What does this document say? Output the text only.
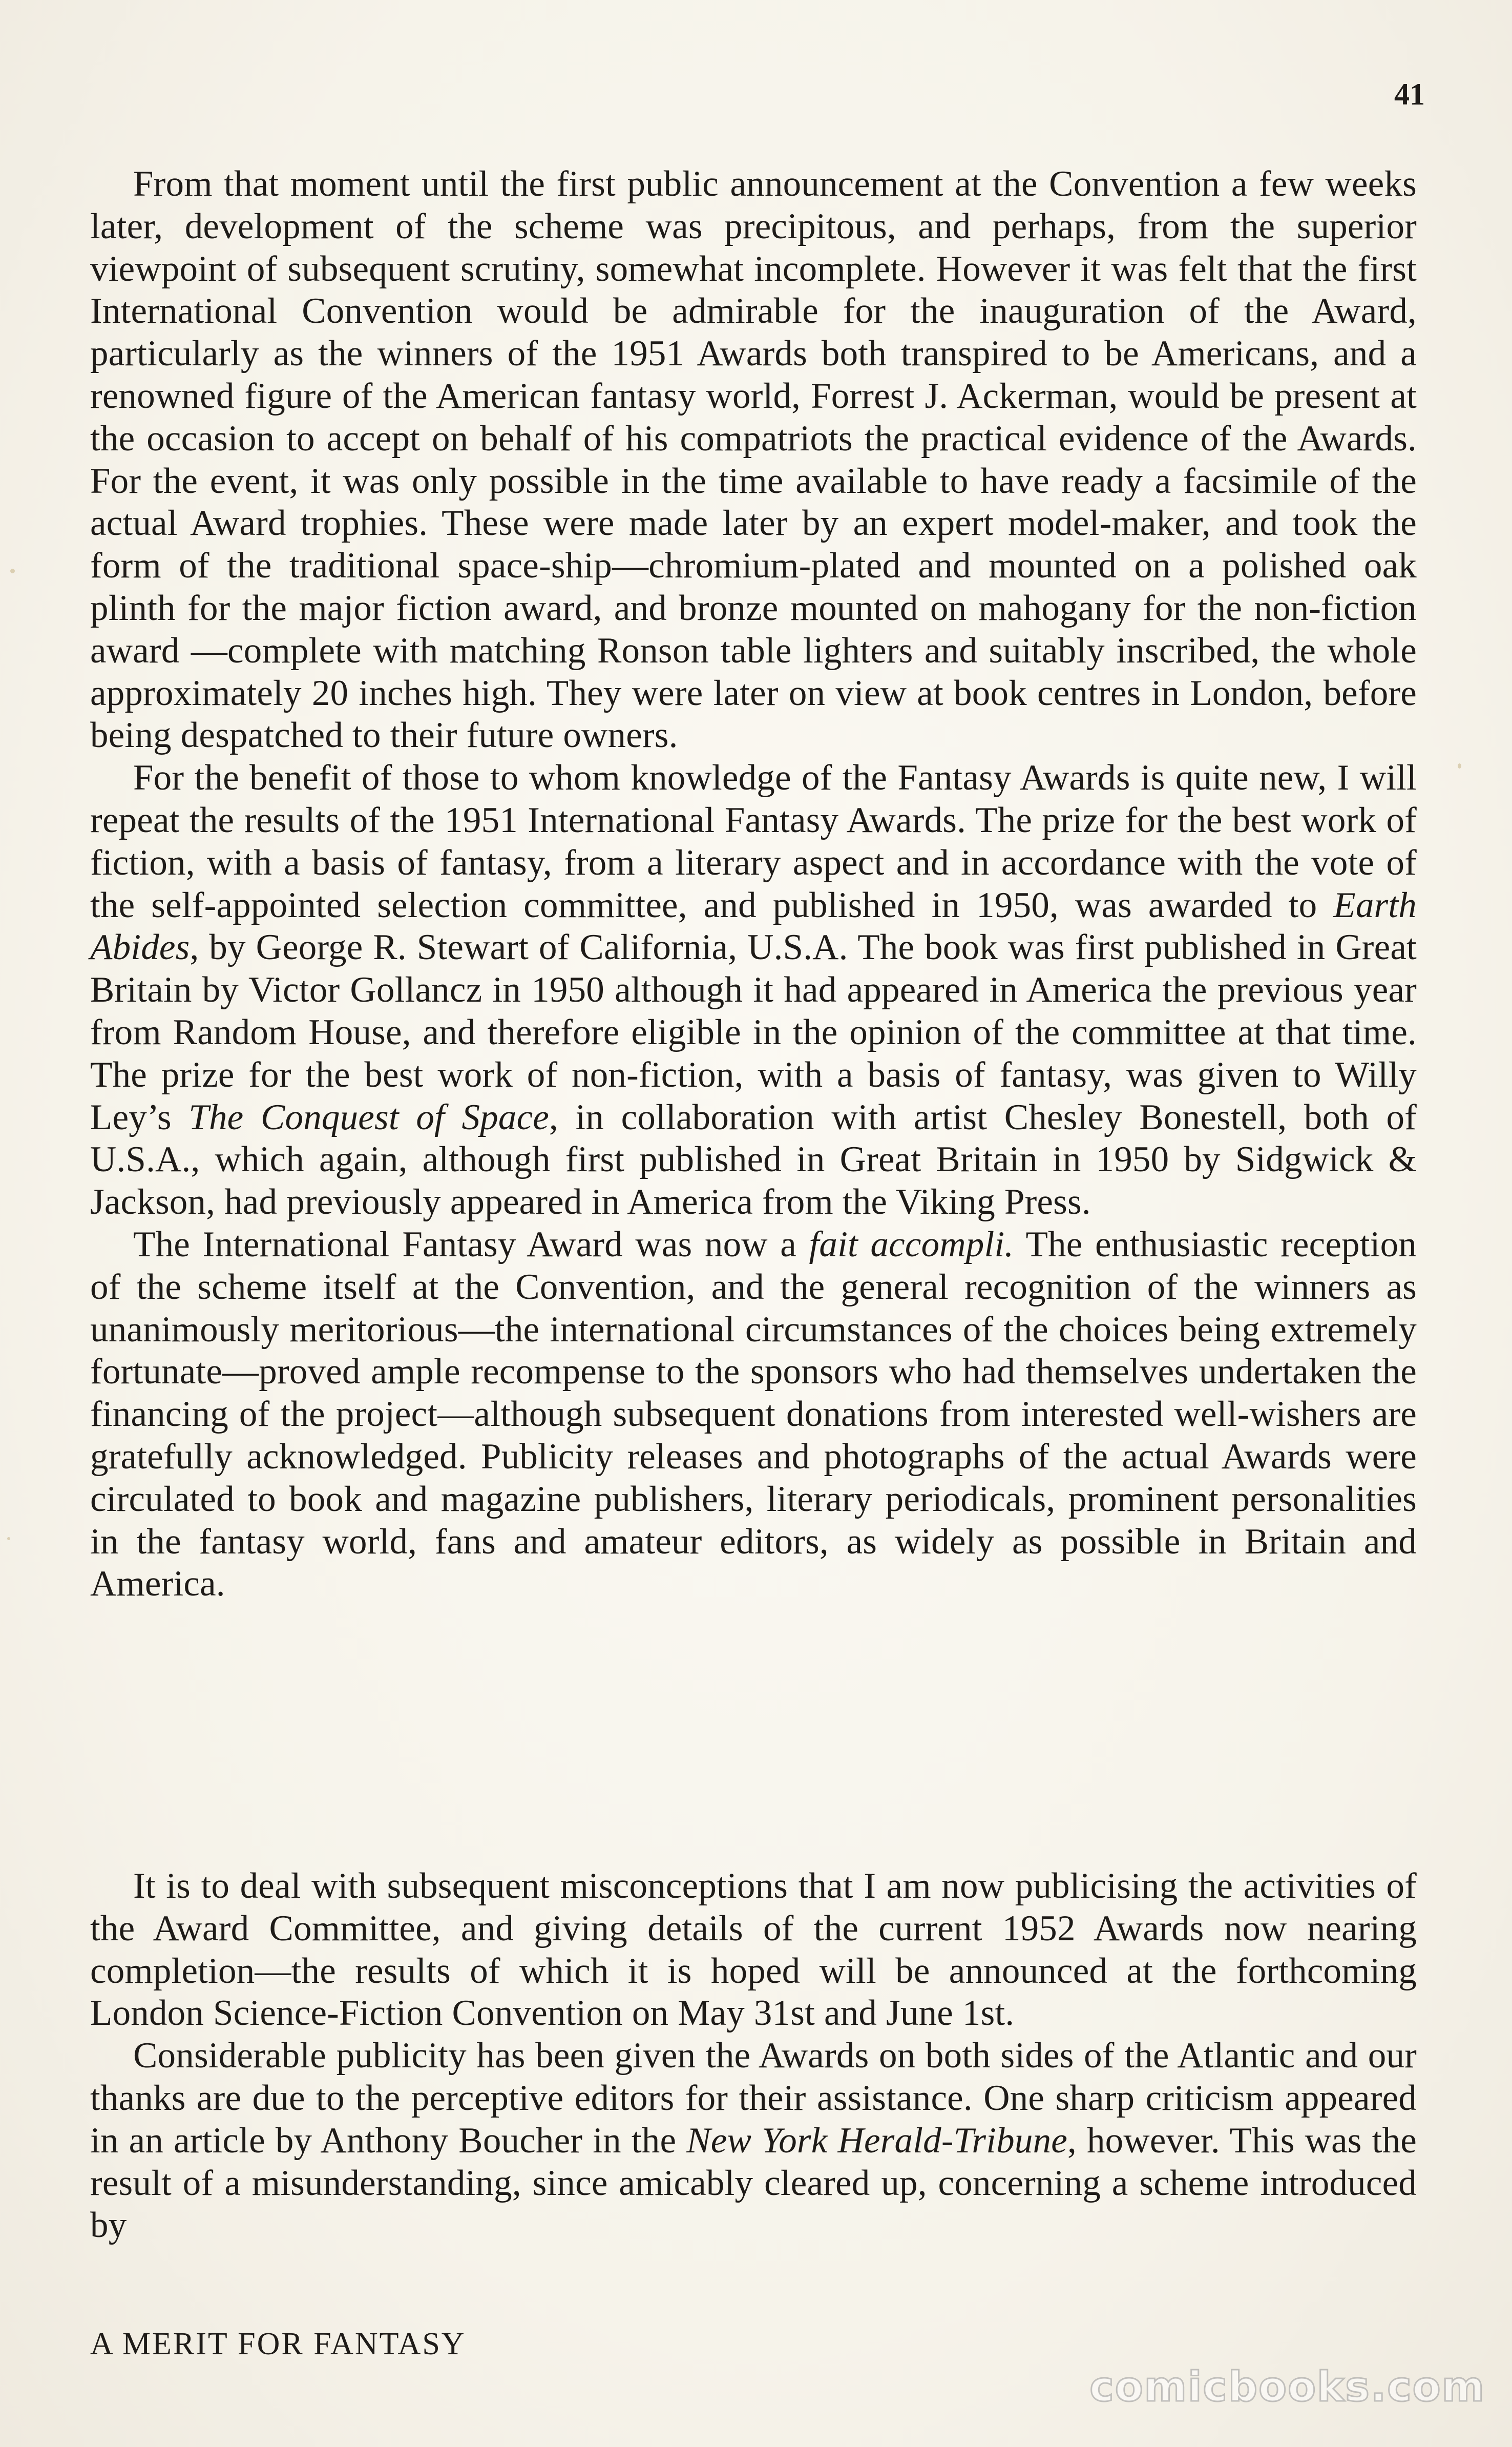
41

From that moment until the first public announcement at the Convention a few weeks later, development of the scheme was precipitous, and perhaps, from the superior viewpoint of subsequent scrutiny, somewhat incomplete. However it was felt that the first International Convention would be admirable for the inauguration of the Award, particularly as the winners of the 1951 Awards both transpired to be Americans, and a renowned figure of the American fantasy world, Forrest J. Ackerman, would be present at the occasion to accept on behalf of his compatriots the practical evidence of the Awards. For the event, it was only possible in the time available to have ready a facsimile of the actual Award trophies. These were made later by an expert model-maker, and took the form of the traditional space-ship—chromium-plated and mounted on a polished oak plinth for the major fiction award, and bronze mounted on mahogany for the non-fiction award —complete with matching Ronson table lighters and suitably inscribed, the whole approximately 20 inches high. They were later on view at book centres in London, before being despatched to their future owners.

For the benefit of those to whom knowledge of the Fantasy Awards is quite new, I will repeat the results of the 1951 International Fantasy Awards. The prize for the best work of fiction, with a basis of fantasy, from a literary aspect and in accordance with the vote of the self-appointed selection committee, and published in 1950, was awarded to Earth Abides, by George R. Stewart of California, U.S.A. The book was first published in Great Britain by Victor Gollancz in 1950 although it had appeared in America the previous year from Random House, and therefore eligible in the opinion of the committee at that time. The prize for the best work of non-fiction, with a basis of fantasy, was given to Willy Ley’s The Conquest of Space, in collaboration with artist Chesley Bonestell, both of U.S.A., which again, although first published in Great Britain in 1950 by Sidgwick & Jackson, had previously appeared in America from the Viking Press.

The International Fantasy Award was now a fait accompli. The enthusiastic reception of the scheme itself at the Convention, and the general recognition of the winners as unanimously meritorious—the international circumstances of the choices being extremely fortunate—proved ample recompense to the sponsors who had themselves undertaken the financing of the project—although subsequent donations from interested well-wishers are gratefully acknowledged. Publicity releases and photographs of the actual Awards were circulated to book and magazine publishers, literary periodicals, prominent personalities in the fantasy world, fans and amateur editors, as widely as possible in Britain and America.

It is to deal with subsequent misconceptions that I am now publicising the activities of the Award Committee, and giving details of the current 1952 Awards now nearing completion—the results of which it is hoped will be announced at the forthcoming London Science-Fiction Convention on May 31st and June 1st.

Considerable publicity has been given the Awards on both sides of the Atlantic and our thanks are due to the perceptive editors for their assistance. One sharp criticism appeared in an article by Anthony Boucher in the New York Herald-Tribune, however. This was the result of a misunderstanding, since amicably cleared up, concerning a scheme introduced by

A MERIT FOR FANTASY
comicbooks.com
